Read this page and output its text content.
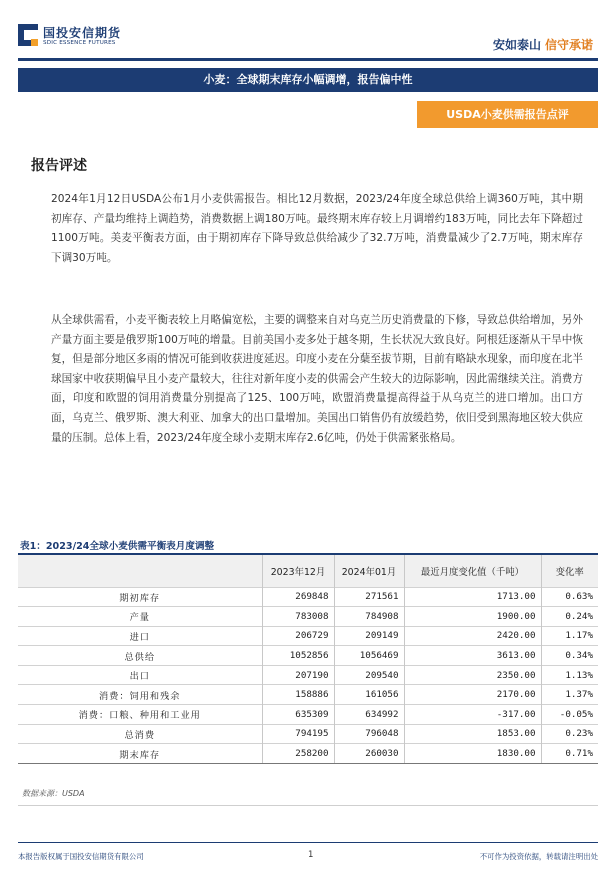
国投安信期货
SDIC ESSENCE FUTURES	安如泰山 信守承诺
小麦：全球期末库存小幅调增，报告偏中性
USDA小麦供需报告点评
报告评述

2024年1月12日USDA公布1月小麦供需报告。相比12月数据，2023/24年度全球总供给上调360万吨，其中期初库存、产量均维持上调趋势，消费数据上调180万吨。最终期末库存较上月调增约183万吨，同比去年下降超过1100万吨。美麦平衡表方面，由于期初库存下降导致总供给减少了32.7万吨，消费量减少了2.7万吨，期末库存下调30万吨。

从全球供需看，小麦平衡表较上月略偏宽松，主要的调整来自对乌克兰历史消费量的下修，导致总供给增加，另外产量方面主要是俄罗斯100万吨的增量。目前美国小麦多处于越冬期，生长状况大致良好。阿根廷逐渐从干旱中恢复，但是部分地区多雨的情况可能到收获进度延迟。印度小麦在分蘖至拔节期，目前有略缺水现象，而印度在北半球国家中收获期偏早且小麦产量较大，往往对新年度小麦的供需会产生较大的边际影响，因此需继续关注。消费方面，印度和欧盟的饲用消费量分别提高了125、100万吨，欧盟消费量提高得益于从乌克兰的进口增加。出口方面，乌克兰、俄罗斯、澳大利亚、加拿大的出口量增加。美国出口销售仍有放缓趋势，依旧受到黑海地区较大供应量的压制。总体上看，2023/24年度全球小麦期末库存2.6亿吨，仍处于供需紧张格局。

表1：2023/24全球小麦供需平衡表月度调整
	2023年12月	2024年01月	最近月度变化值（千吨）	变化率
期初库存	269848	271561	1713.00	0.63%
产量	783008	784908	1900.00	0.24%
进口	206729	209149	2420.00	1.17%
总供给	1052856	1056469	3613.00	0.34%
出口	207190	209540	2350.00	1.13%
消费：饲用和残余	158886	161056	2170.00	1.37%
消费：口粮、种用和工业用	635309	634992	-317.00	-0.05%
总消费	794195	796048	1853.00	0.23%
期末库存	258200	260030	1830.00	0.71%
数据来源：USDA
本报告版权属于国投安信期货有限公司	1	不可作为投资依据，转载请注明出处
